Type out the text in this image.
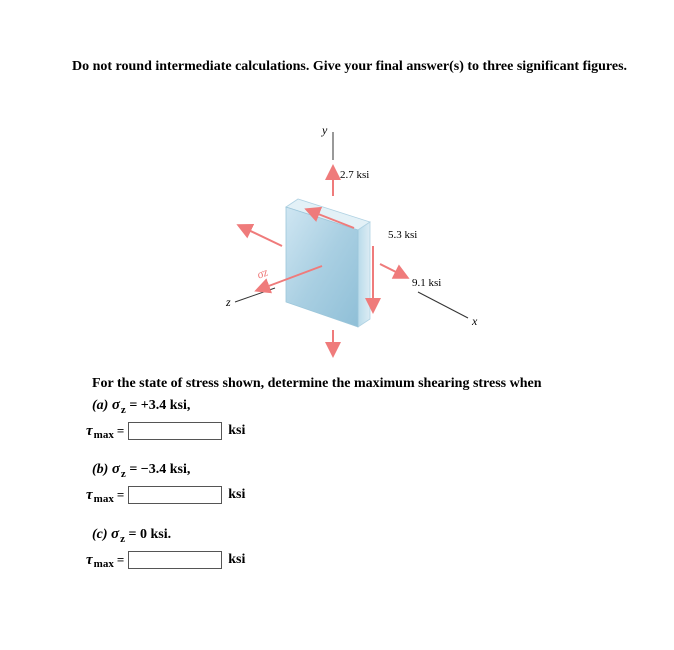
Do not round intermediate calculations. Give your final answer(s) to three significant figures.
y
x
z
2.7 ksi
5.3 ksi
9.1 ksi
σz
For the state of stress shown, determine the maximum shearing stress when
(a) $\sigma_z = +3.4$ ksi,
τ max =	ksi
(b) $\sigma_z = -3.4$ ksi,
τ max =	ksi
(c) $\sigma_z = 0$ ksi.
τ max =	ksi
